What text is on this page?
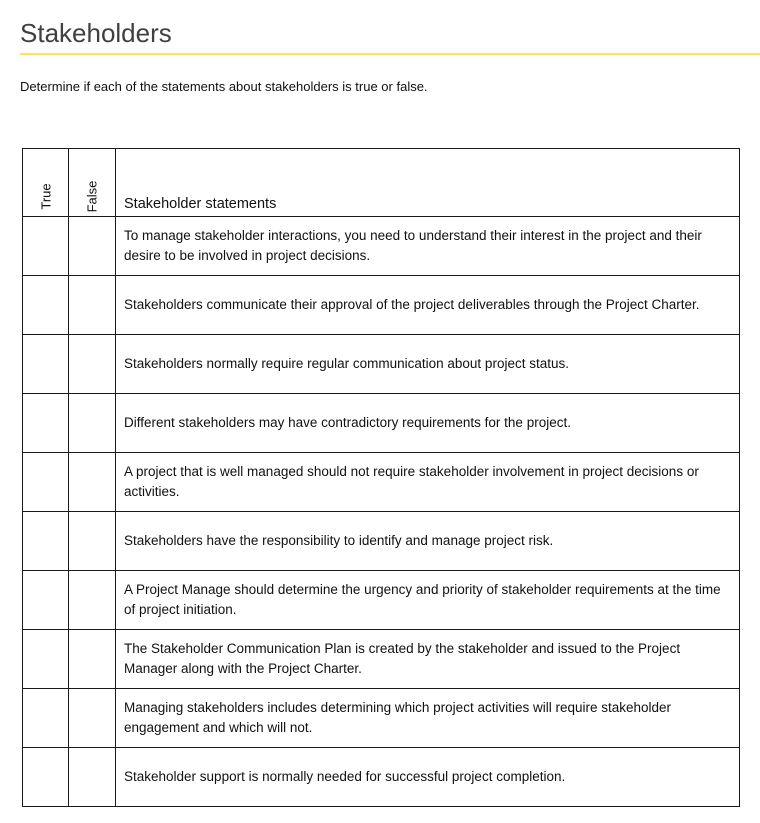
Stakeholders
Determine if each of the statements about stakeholders is true or false.
True	False	Stakeholder statements
		To manage stakeholder interactions, you need to understand their interest in the project and their desire to be involved in project decisions.
		Stakeholders communicate their approval of the project deliverables through the Project Charter.
		Stakeholders normally require regular communication about project status.
		Different stakeholders may have contradictory requirements for the project.
		A project that is well managed should not require stakeholder involvement in project decisions or activities.
		Stakeholders have the responsibility to identify and manage project risk.
		A Project Manage should determine the urgency and priority of stakeholder requirements at the time of project initiation.
		The Stakeholder Communication Plan is created by the stakeholder and issued to the Project Manager along with the Project Charter.
		Managing stakeholders includes determining which project activities will require stakeholder engagement and which will not.
		Stakeholder support is normally needed for successful project completion.
